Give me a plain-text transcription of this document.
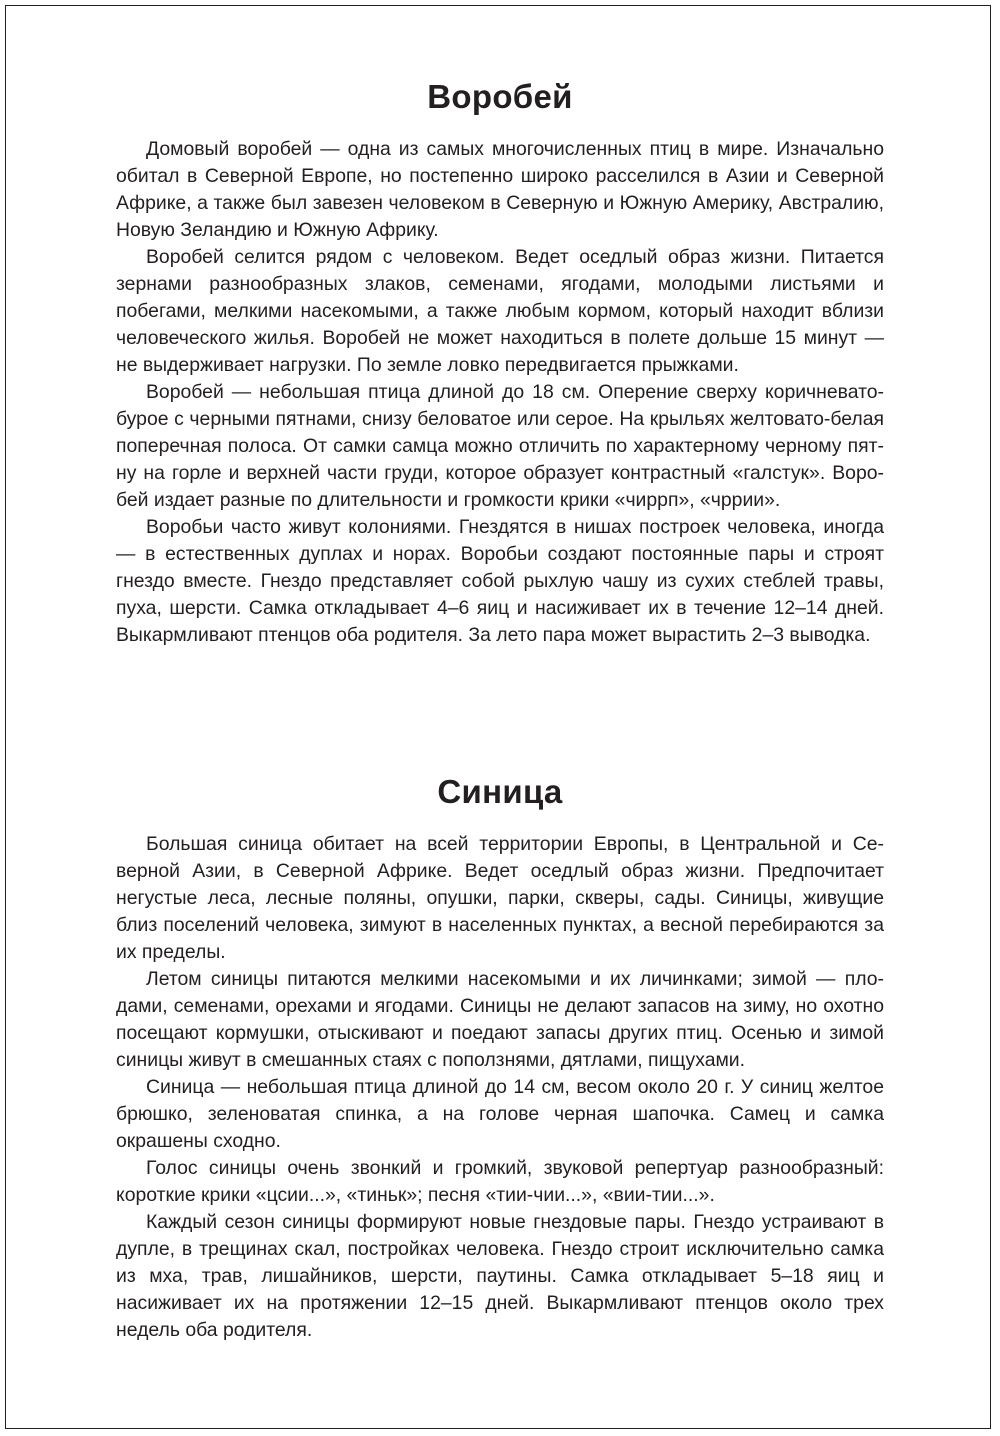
Воробей

Домовый воробей — одна из самых многочисленных птиц в мире. Изначально обитал в Северной Европе, но постепенно широко расселился в Азии и Северной Африке, а также был завезен человеком в Северную и Южную Америку, Австралию, Новую Зеландию и Южную Африку.

Воробей селится рядом с человеком. Ведет оседлый образ жизни. Питается зернами разнообразных злаков, семенами, ягодами, молодыми листьями и побегами, мелкими насекомыми, а также любым кормом, который находит вблизи человеческого жилья. Воробей не может находиться в полете дольше 15 минут — не выдерживает нагрузки. По земле ловко передвигается прыжками.

Воробей — небольшая птица длиной до 18 см. Оперение сверху коричневато-бурое с черными пятнами, снизу беловатое или серое. На крыльях желтовато-белая поперечная полоса. От самки самца можно отличить по характерному черному пятну на горле и верхней части груди, которое образует контрастный «галстук». Воробей издает разные по длительности и громкости крики «чиррп», «чррии».

Воробьи часто живут колониями. Гнездятся в нишах построек человека, иногда — в естественных дуплах и норах. Воробьи создают постоянные пары и строят гнездо вместе. Гнездо представляет собой рыхлую чашу из сухих стеблей травы, пуха, шерсти. Самка откладывает 4–6 яиц и насиживает их в течение 12–14 дней. Выкармливают птенцов оба родителя. За лето пара может вырастить 2–3 выводка.

Синица

Большая синица обитает на всей территории Европы, в Центральной и Северной Азии, в Северной Африке. Ведет оседлый образ жизни. Предпочитает негустые леса, лесные поляны, опушки, парки, скверы, сады. Синицы, живущие близ поселений человека, зимуют в населенных пунктах, а весной перебираются за их пределы.

Летом синицы питаются мелкими насекомыми и их личинками; зимой — плодами, семенами, орехами и ягодами. Синицы не делают запасов на зиму, но охотно посещают кормушки, отыскивают и поедают запасы других птиц. Осенью и зимой синицы живут в смешанных стаях с поползнями, дятлами, пищухами.

Синица — небольшая птица длиной до 14 см, весом около 20 г. У синиц желтое брюшко, зеленоватая спинка, а на голове черная шапочка. Самец и самка окрашены сходно.

Голос синицы очень звонкий и громкий, звуковой репертуар разнообразный: короткие крики «цсии...», «тиньк»; песня «тии-чии...», «вии-тии...».

Каждый сезон синицы формируют новые гнездовые пары. Гнездо устраивают в дупле, в трещинах скал, постройках человека. Гнездо строит исключительно самка из мха, трав, лишайников, шерсти, паутины. Самка откладывает 5–18 яиц и насиживает их на протяжении 12–15 дней. Выкармливают птенцов около трех недель оба родителя.
